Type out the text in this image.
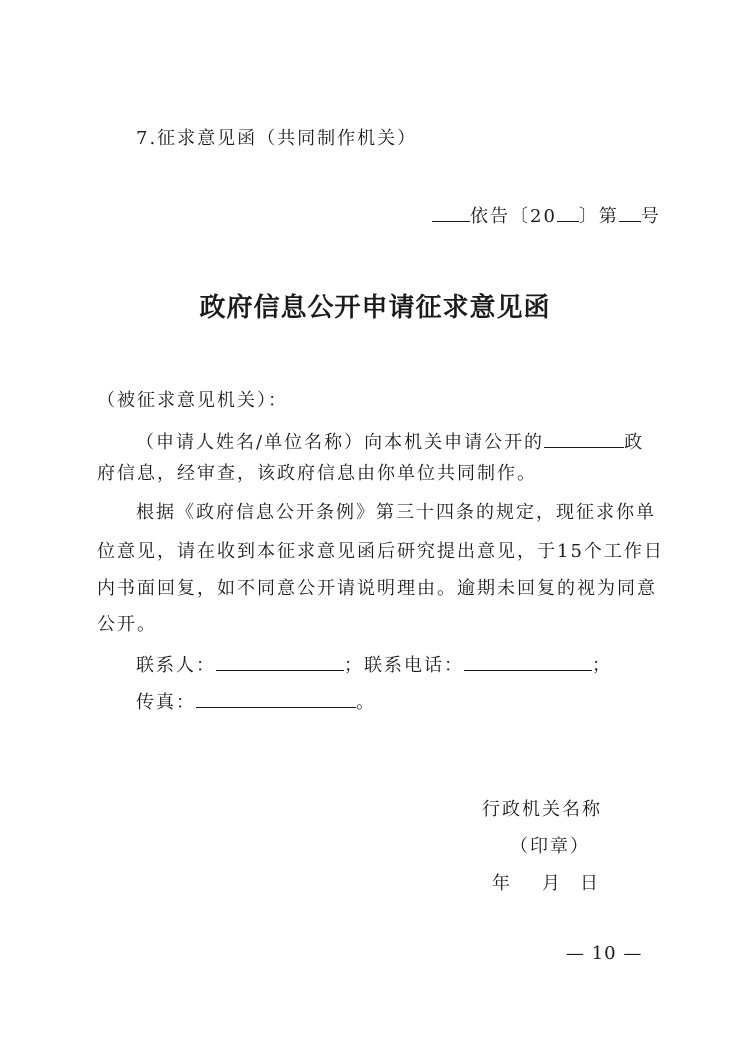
7.征求意见函（共同制作机关）
依告〔20 〕第 号
政府信息公开申请征求意见函
（被征求意见机关）：
（申请人姓名/单位名称）向本机关申请公开的	政
府信息，经审查，该政府信息由你单位共同制作。
根据《政府信息公开条例》第三十四条的规定，现征求你单
位意见，请在收到本征求意见函后研究提出意见，于15个工作日
内书面回复，如不同意公开请说明理由。逾期未回复的视为同意
公开。
联系人：	；联系电话：	；
传真：	。
行政机关名称
（印章）
年 月 日
— 10 —
